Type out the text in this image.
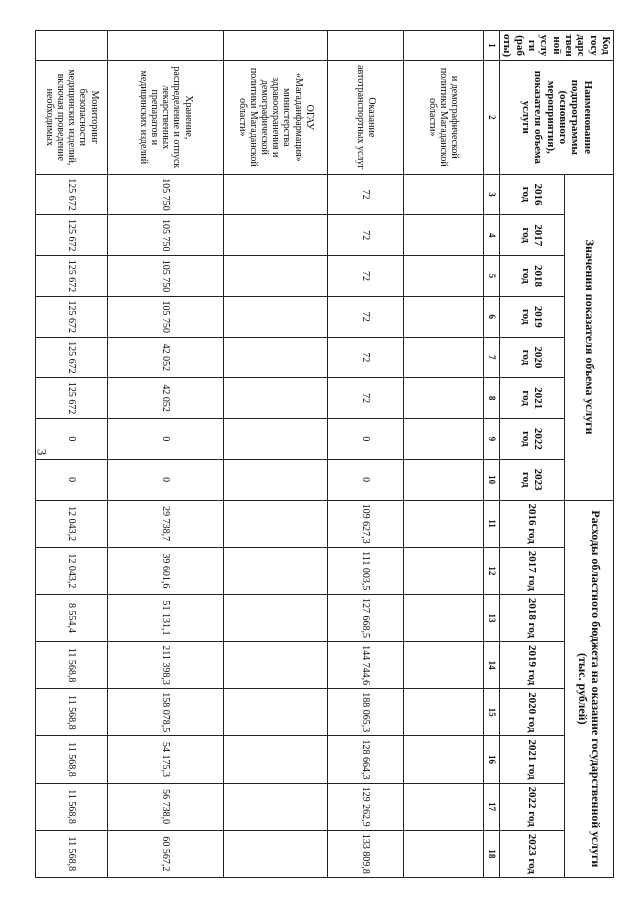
3
Код государственной услуги (работы)	Наименование подпрограммы (основного мероприятия), показателя объема услуги	Значения показателя объема услуги								Расходы областного бюджета на оказание государственной услуги (тыс. рублей)							
		2016 год	2017 год	2018 год	2019 год	2020 год	2021 год	2022 год	2023 год	2016 год	2017 год	2018 год	2019 год	2020 год	2021 год	2022 год	2023 год
1	2	3	4	5	6	7	8	9	10	11	12	13	14	15	16	17	18
	и демографической политики Магаданской области»																
	Оказание автотранспортных услуг	72	72	72	72	72	72	0	0	109 627,3	111 003,5	127 668,5	144 744,6	188 065,3	128 664,3	129 262,9	133 809,8
	ОГАУ «Магаданфармация» министерства здравоохранения и демографической политики Магаданской области»																
	Хранение, распределение и отпуск лекарственных препаратов и медицинских изделий	105 750	105 750	105 750	105 750	42 052	42 052	0	0	29 738,7	39 601,6	51 131,1	211 398,3	158 078,5	54 175,3	56 738,0	60 567,2
	Мониторинг безопасности медицинских изделий, включая проведение необходимых	125 672	125 672	125 672	125 672	125 672	125 672	0	0	12 043,2	12 043,2	8 554,4	11 568,8	11 568,8	11 568,8	11 568,8	11 568,8
